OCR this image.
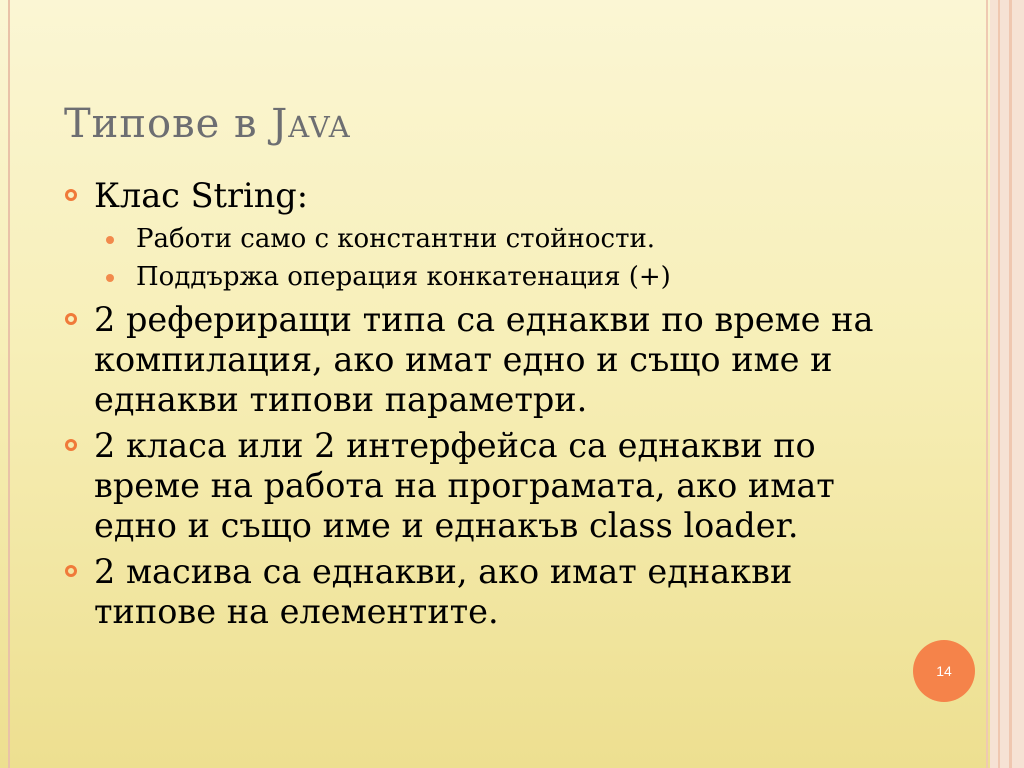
Типове в JAVA
Клас String:
Работи само с константни стойности.
Поддържа операция конкатенация (+)
2 рефериращи типа са еднакви по време на компилация, ако имат едно и също име и еднакви типови параметри.
2 класа или 2 интерфейса са еднакви по време на работа на програмата, ако имат едно и също име и еднакъв class loader.
2 масива са еднакви, ако имат еднакви типове на елементите.
14
